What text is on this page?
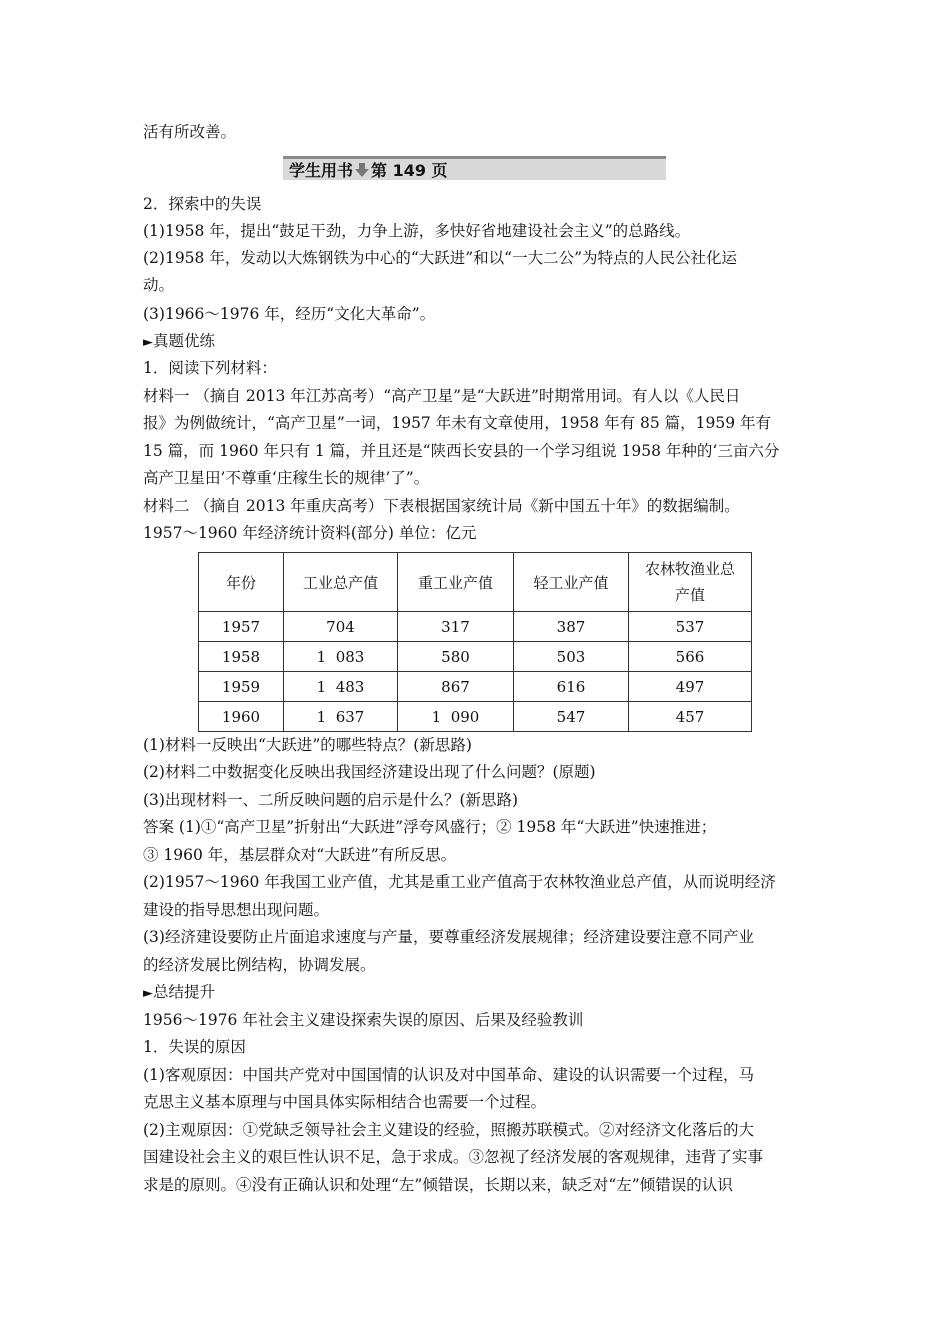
活有所改善。
学生用书 第 149 页
2．探索中的失误
(1)1958 年，提出“鼓足干劲，力争上游，多快好省地建设社会主义”的总路线。
(2)1958 年，发动以大炼钢铁为中心的“大跃进”和以“一大二公”为特点的人民公社化运
动。
(3)1966～1976 年，经历“文化大革命”。
►真题优练
1．阅读下列材料：
材料一 （摘自 2013 年江苏高考）“高产卫星”是“大跃进”时期常用词。有人以《人民日
报》为例做统计，“高产卫星”一词，1957 年未有文章使用，1958 年有 85 篇，1959 年有
15 篇，而 1960 年只有 1 篇，并且还是“陕西长安县的一个学习组说 1958 年种的‘三亩六分
高产卫星田’不尊重‘庄稼生长的规律’了”。
材料二 （摘自 2013 年重庆高考）下表根据国家统计局《新中国五十年》的数据编制。
1957～1960 年经济统计资料(部分) 单位：亿元
年份	工业总产值	重工业产值	轻工业产值	农林牧渔业总
产值
1957	704	317	387	537
1958	1  083	580	503	566
1959	1  483	867	616	497
1960	1  637	1  090	547	457
(1)材料一反映出“大跃进”的哪些特点？(新思路)
(2)材料二中数据变化反映出我国经济建设出现了什么问题？(原题)
(3)出现材料一、二所反映问题的启示是什么？(新思路)
答案 (1)①“高产卫星”折射出“大跃进”浮夸风盛行；② 1958 年“大跃进”快速推进；
③ 1960 年，基层群众对“大跃进”有所反思。
(2)1957～1960 年我国工业产值，尤其是重工业产值高于农林牧渔业总产值，从而说明经济
建设的指导思想出现问题。
(3)经济建设要防止片面追求速度与产量，要尊重经济发展规律；经济建设要注意不同产业
的经济发展比例结构，协调发展。
►总结提升
1956～1976 年社会主义建设探索失误的原因、后果及经验教训
1．失误的原因
(1)客观原因：中国共产党对中国国情的认识及对中国革命、建设的认识需要一个过程，马
克思主义基本原理与中国具体实际相结合也需要一个过程。
(2)主观原因：①党缺乏领导社会主义建设的经验，照搬苏联模式。②对经济文化落后的大
国建设社会主义的艰巨性认识不足，急于求成。③忽视了经济发展的客观规律，违背了实事
求是的原则。④没有正确认识和处理“左”倾错误，长期以来，缺乏对“左”倾错误的认识
